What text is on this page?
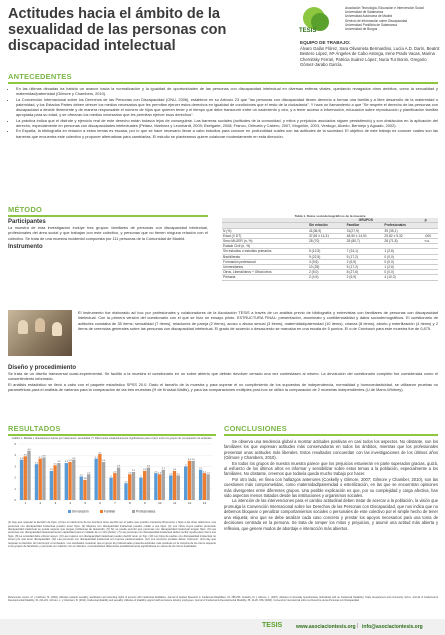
Actitudes hacia el ámbito de la sexualidad de las personas con discapacidad intelectual
TESIS
Asociación Tecnología, Educación e Intervención Social
Universidad de Salamanca
Universidad Autónoma de Madrid
Servicio de Información sobre Discapacidad
Universidad Pontificia de Salamanca
Universidad de Burgos
EQUIPO DE TRABAJO:
Álvaro Galán Flórez, Sara Olivarrieta Bermardino, Lucía A.D. Darín, Beatriz Bestero López, Mª Ángeles de Cabo Astorga, Irene Prado Vacas, Marina Chernitsky Ferrari, Patricia Suárez López, Nuria Tur Bonin, Gregorio Gómez-Jarabo García.
ANTECEDENTES
• En las últimas décadas ha habido un avance hacia la normalización y la igualdad de oportunidades de las personas con discapacidad intelectual en diversas esferas vitales, quedando rezagados otros ámbitos, como la sexualidad y maternidad/paternidad (Gilmore y Chambers, 2010).
• La Convención Internacional sobre los Derechos de las Personas con Discapacidad (ONU, 2006), establece en su Artículo 23 que "las personas con discapacidad tienen derecho a formar una familia y a libre desarrollo de la maternidad o paternidad, y los Estados Partes deben ofrecer los medios necesarios que les permitan ejercer estos derechos en igualdad de condiciones que el resto de la ciudadanía". Y hace un llamamiento a que "Se respete el derecho de las personas con discapacidad a decidir libremente y de manera responsable el número de hijos que quieren tener y el tiempo que debe transcurrir entre un nacimiento y otro, y a tener acceso a información, educación sobre reproducción y planificación familiar apropiada para su edad, y se ofrezcan los medios necesarios que les permitan ejercer esos derechos".
• La práctica indica que el disfrute y ejercicio real de este derecho están todavía lejos de conseguirse. Las barreras sociales (actitudes de la comunidad, y mitos y prejuicios asociados siguen persistiendo) y son obstáculos en la aplicación del derecho, especialmente en personas con discapacidades intelectuales (Peláez, Martínez y Leonhardt, 2009; Esetgarte, 2008; Franco, Orihuela y Cabero, 2007, Mogollón, 2003, Verdugo, Alcedo, Bermejo y Aguado, 2002).
• En España, la bibliografía en relación a estos temas es escasa, por lo que se hace necesario llevar a cabo estudios para conocer en profundidad cuáles son las actitudes de la sociedad. El objetivo de este trabajo es conocer cuáles son las barreras que encuentra este colectivo y proponer alternativas para cambiarlas. El estudio se planteamos quiere colaborar modestamente en esta dirección.
MÉTODO
Participantes
La muestra de esta investigación incluye tres grupos: familiares de personas con discapacidad intelectual, profesionales del área social y que trabajan con este colectivo, y personas que no tienen ninguna relación con el colectivo. Se trata de una muestra incidental compuesta por 111 personas de la Comunidad de Madrid.
Instrumento
Tabla 1. Datos sociodemográficos de la muestra
	GRUPOS			p
	Sin relación	Familiar	Profesionales	
N (%)	41(36,9)	31(27,9)	39 (35,1)	
Edad (X DT)	37,65 ± 14,31	48,90 ± 14,91	29,82 ± 9,32	.000
Sexo MUJER (n, %)	28 (70)	25 (80,7)	28 (71,8)	n.s.
Estado Civil (n, %)				
Sin estudios o estudios primarios	5 (12,5)	7 (24,1)	1 (2,6)	
Bachillerato	9 (22,5)	5 (17,2)	0 (0,0)	
Formación profesional	4 (9,6)	2 (6,9)	0 (0,0)	
Universitarios	10 (25)	5 (17,2)	1 (2,6)	
Otros, Liberal/otros + Oficio/otros	2 (5,0)	8 (27,6)	0 (0,0)	
Primaria	2 (4,9)	2 (6,9)	4 (10,3)	
El instrumento fue elaborado ad hoc por profesionales y colaboradores de la Asociación TESIS a través de un análisis previo de bibliografía y entrevistas con familiares de personas con discapacidad intelectual. Con la primera versión del cuestionario con el que se hizo un ensayo piloto. ESTRUCTURA FINAL: presentación, anonimato y confidencialidad y datos sociodemográficos. El cuestionario de actitudes constaba de 35 ítems: sexualidad (7 ítems), relaciones de pareja (2 ítems), acoso o abuso sexual (3 ítems), maternidad/paternidad (10 ítems), crianza (8 ítems), aborto y esterilización (4 ítems) y 2 ítems de creencias generales sobre las personas con discapacidad intelectual. El grado de acuerdo o desacuerdo se marcaba en una escala de 5 puntos. El α de Cronbach para este muestra fue de 0,875.
Diseño y procedimiento
Se trata de un diseño transversal cuasi-experimental. Se facilitó a la muestra el cuestionario en un sobre abierto que debían devolver cerrado una vez contestasen al mismo. La devolución del cuestionario completo fue considerada como el consentimiento informado.
El análisis estadístico se llevó a cabo con el paquete estadístico SPSS 20.0. Dado el tamaño de la muestra y para superar el no cumplimiento de los supuestos de independencia, normalidad y homocedasticidad, se utilizaron pruebas no paramétricas para el análisis de varianza para la comparación de las tres muestras (H de Kruskal-Wallis), y para las comparaciones múltiples post-hoc se utilizó la comparación de 2 muestras independientes (U de Mann-Whitney).
RESULTADOS
Gráfico 1. Medias y desviaciones típicas por tratamiento: sexualidad (*). Diferencias estadísticamente significativas para el ítem entre los grupos de comparación de actitudes.
0
1
2
3
4
5
3.6
3.9
4.4
1
3.2
3.7
3.8
2
2.6
3.1
3.3
3
3.3
3.4
3.6
4
2.1
1.8
2.3
5
3.7
4.1
3.4
6
2
2.4
2.9
7
1.5
2.3
2.5
8
2
2.6
2.9
9
2.4
2.3
2.7
10
2.2
2.6
2.2
11
3
3.5 3.5
12
2.7
2.4
2.3
13
Sin relación	Familiar	Profesionales
(1) Hay que respetar la decisión de hijos. (2) En el matrimonio de los hombres tiene sentido ser el padre que pueden orientarse libremente o hijos a las otras relaciones. Las personas con discapacidad intelectual pueden tener hijos. (3) Mujeres con discapacidad intelectual pueden cuidar a sus hijos. (4) Los niños cuyos padres presentan discapacidad intelectual se puede esperar que tengan problemas de desarrollo. (5) No se puede permitir que personas con discapacidad intelectual tengan hijos. (6) Las personas con discapacidad intelectual tienen capacidad para el cuidado de un niño (bebé). (7) Las personas con discapacidad intelectual deben recibir ayuda para criar a sus hijos. (8) La sociedad debe ofrecer apoyo. (9) Las mujeres con discapacidad intelectual pueden decidir tener un hijo. (10) Los hijos de padres con discapacidad intelectual no tienen por qué tener discapacidad. (11) Las personas con discapacidad intelectual son buenos padres/madres. (12) Los servicios sociales deben intervenir. (13) Hay que respetar su decisión de interrumpir el embarazo. Los resultados muestran que el grupo de profesionales presenta actitudes más positivas en la mayoría de los ítems respecto a los grupos de familiares y personas sin relación con el colectivo, encontrándose diferencias estadísticamente significativas en varios de los ítems analizados.
CONCLUSIONES
Se observa una tendencia global a mostrar actitudes positivas en casi todos los aspectos. No obstante, son los familiares los que expresan actitudes más conservadoras en todos los ámbitos, mientras que los profesionales presentan unas actitudes más liberales. Estos resultados concuerdan con las investigaciones de los últimos años (Gilmore y Chambers, 2010).
En todos los grupos de nuestra muestra parece que los prejuicios estuvieran en parte superados gracias, quizá, al esfuerzo de los últimos años en informar y sensibilizar sobre estos temas a la población, especialmente a los familiares. No obstante, creemos que todavía queda mucho trabajo por hacer.
Por otro lado, en línea con hallazgos anteriores (Coskelly y Gilmore, 2007; Gilmore y Chamber, 2010), son las cuestiones más comprometidas, como maternidad/paternidad o esterilización, en las que se encuentran opiniones más divergentes entre diferentes grupos. Una posible explicación es que, por su complejidad y carga afectiva, han sido aspectos menos tratados desde las instituciones y organismos sociales.
La intención de las intervenciones para el cambio actitudinal deben tratar de acercar a la población, la visión que promulga la Convención Internacional sobre los Derechos de las Personas con Discapacidad, que nos indica que no debemos bloquear o penalizar comportamientos sociales o personales de este colectivo por el simple hecho de tener una etiqueta; sino que se debe analizar cada caso concreto y prestar los apoyos necesarios para una toma de decisiones centrada en la persona. Se trata de romper los mitos y prejuicios, y asumir una actitud más abierta y reflexiva, que genere modos de abordaje e interacción más abiertos.
Referencias: Aunos, M. y Feldman, M. (2002). Attitudes towards sexuality, sterilization and parenting rights of persons with intellectual disabilities. Journal of Applied Research in Intellectual Disabilities, 15, 285-296. Cuskelly, M. y Gilmore, L. (2007). Attitudes to Sexuality Questionnaire (Individuals with an Intellectual Disability): Scale development and community norms. Journal of Intellectual & Developmental Disability, 32, 214-221. Gilmore, L. y Chambers, B. (2010). Intellectual disability and sexuality: Attitudes of disability support staff and leisure industry employees. Journal of Intellectual & Developmental Disability, 35, 22-28. ONU (2006). Convención Internacional sobre los Derechos de las Personas con Discapacidad.
www.asociaciontesis.org | info@asociaciontesis.org
TESIS
